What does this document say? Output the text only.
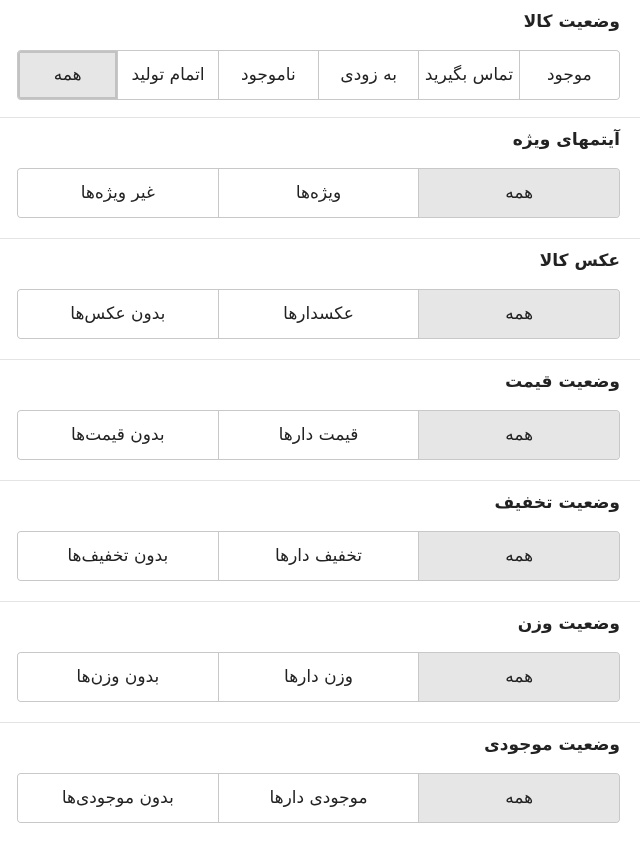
وضعیت کالا
موجود
تماس بگیرید
به زودی
ناموجود
اتمام تولید
همه
آیتمهای ویژه
همه
ویژه‌ها
غیر ویژه‌ها
عکس کالا
همه
عکسدارها
بدون عکس‌ها
وضعیت قیمت
همه
قیمت دارها
بدون قیمت‌ها
وضعیت تخفیف
همه
تخفیف دارها
بدون تخفیف‌ها
وضعیت وزن
همه
وزن دارها
بدون وزن‌ها
وضعیت موجودی
همه
موجودی دارها
بدون موجودی‌ها
